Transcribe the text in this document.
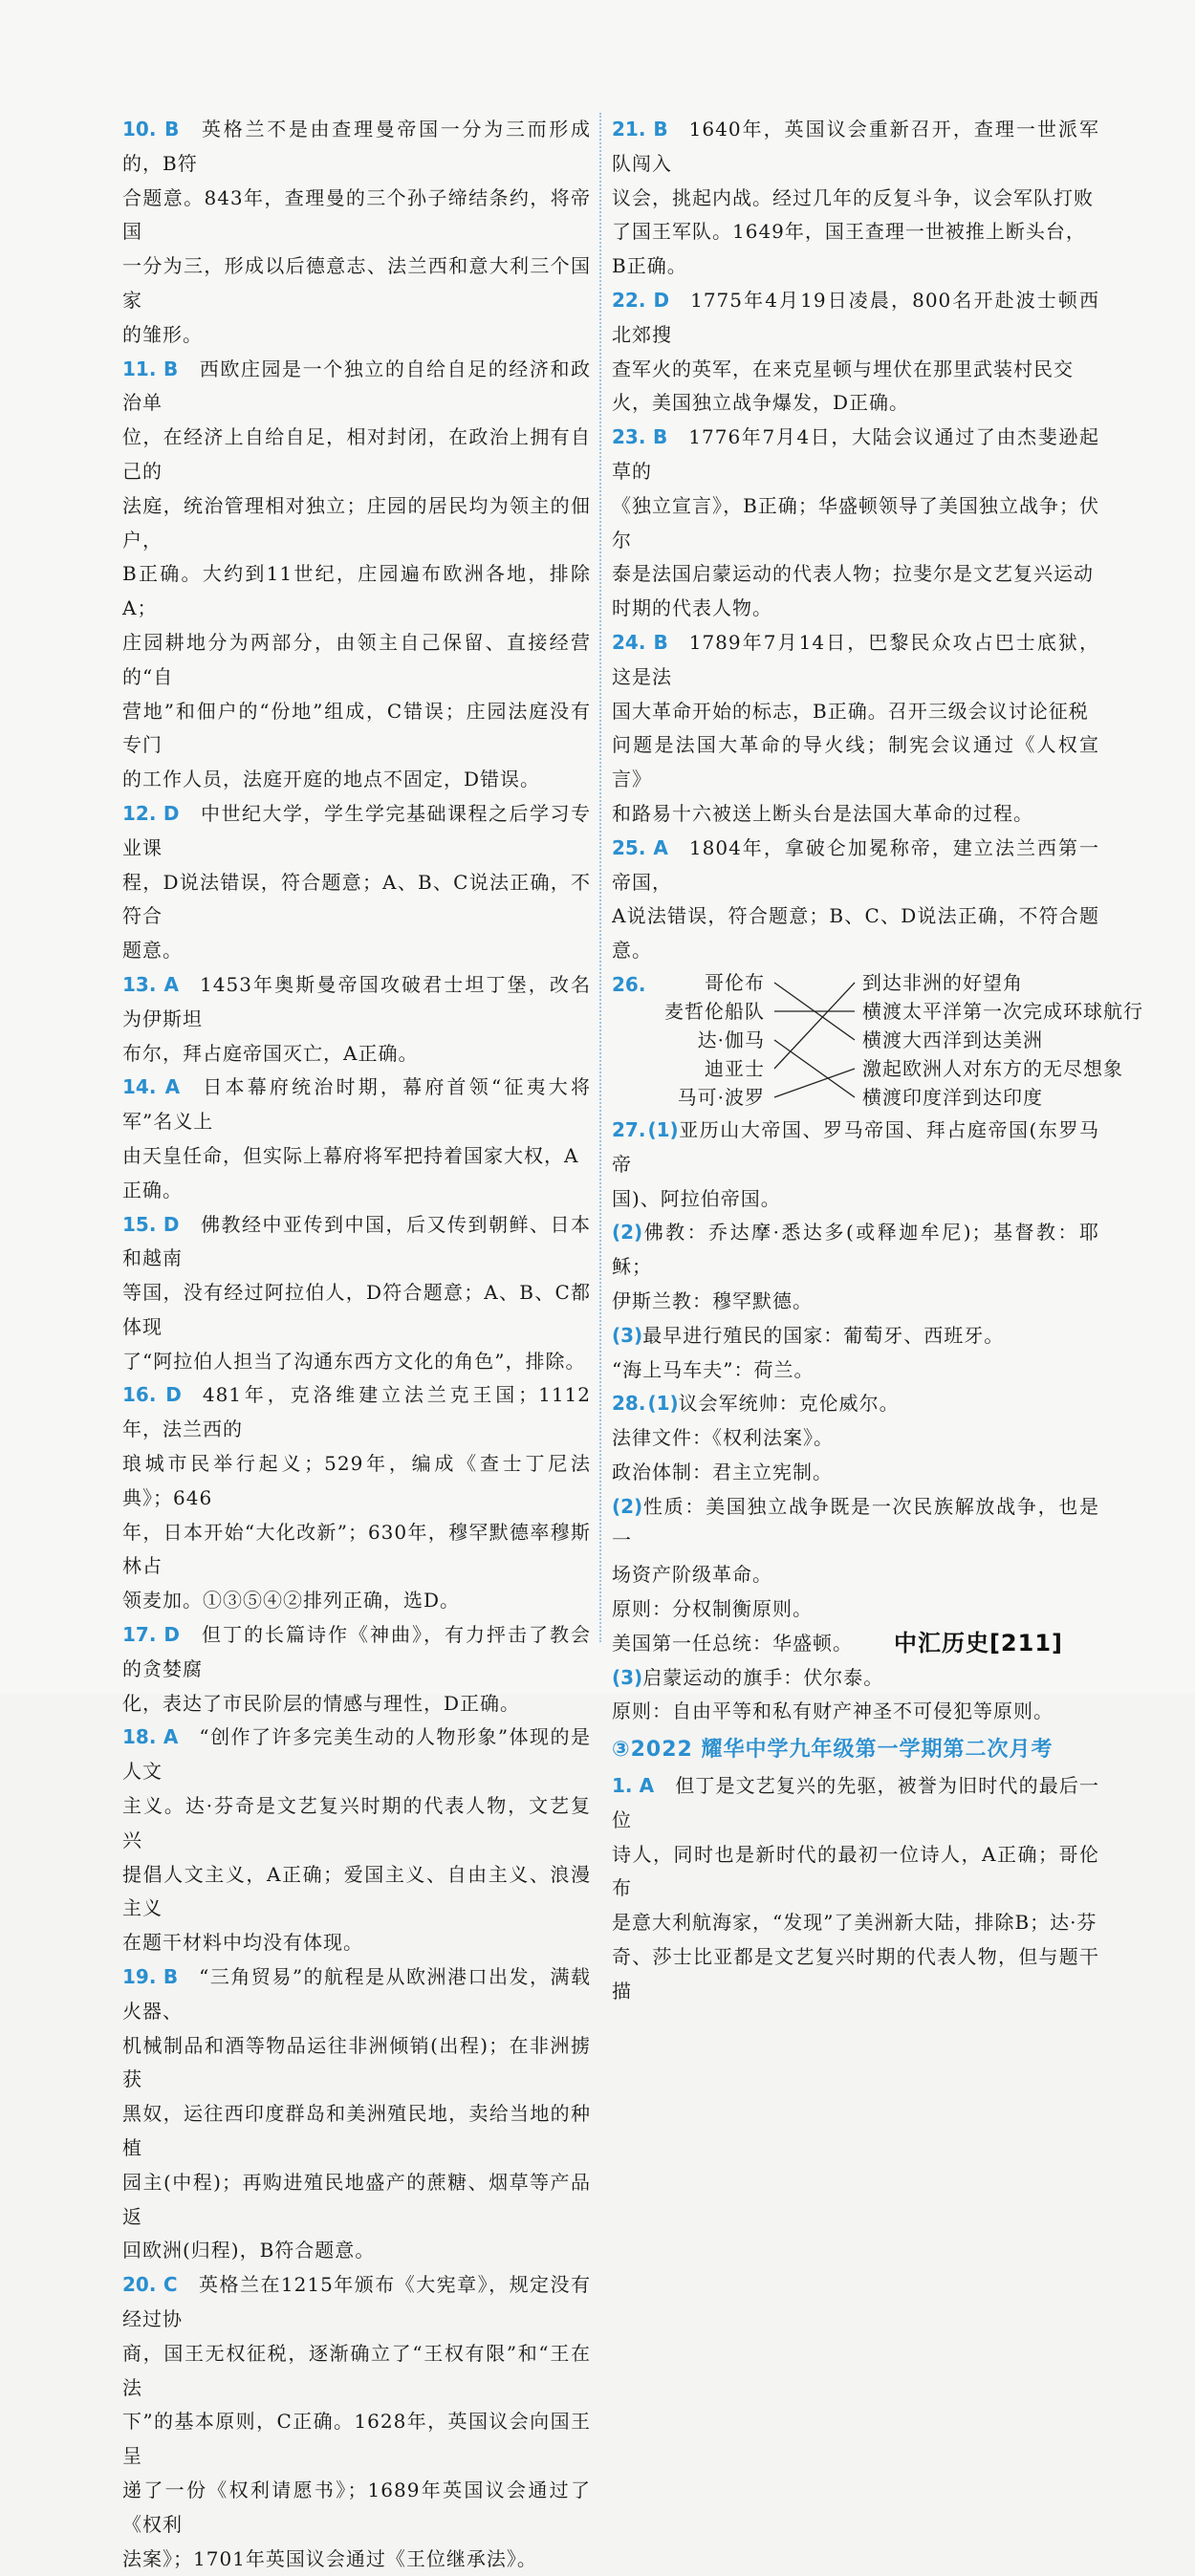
10. B 英格兰不是由查理曼帝国一分为三而形成的，B符
合题意。843年，查理曼的三个孙子缔结条约，将帝国
一分为三，形成以后德意志、法兰西和意大利三个国家
的雏形。
11. B 西欧庄园是一个独立的自给自足的经济和政治单
位，在经济上自给自足，相对封闭，在政治上拥有自己的
法庭，统治管理相对独立；庄园的居民均为领主的佃户，
B正确。大约到11世纪，庄园遍布欧洲各地，排除A；
庄园耕地分为两部分，由领主自己保留、直接经营的“自
营地”和佃户的“份地”组成，C错误；庄园法庭没有专门
的工作人员，法庭开庭的地点不固定，D错误。
12. D 中世纪大学，学生学完基础课程之后学习专业课
程，D说法错误，符合题意；A、B、C说法正确，不符合
题意。
13. A 1453年奥斯曼帝国攻破君士坦丁堡，改名为伊斯坦
布尔，拜占庭帝国灭亡，A正确。
14. A 日本幕府统治时期，幕府首领“征夷大将军”名义上
由天皇任命，但实际上幕府将军把持着国家大权，A
正确。
15. D 佛教经中亚传到中国，后又传到朝鲜、日本和越南
等国，没有经过阿拉伯人，D符合题意；A、B、C都体现
了“阿拉伯人担当了沟通东西方文化的角色”，排除。
16. D 481年，克洛维建立法兰克王国；1112年，法兰西的
琅城市民举行起义；529年，编成《查士丁尼法典》；646
年，日本开始“大化改新”；630年，穆罕默德率穆斯林占
领麦加。①③⑤④②排列正确，选D。
17. D 但丁的长篇诗作《神曲》，有力抨击了教会的贪婪腐
化，表达了市民阶层的情感与理性，D正确。
18. A “创作了许多完美生动的人物形象”体现的是人文
主义。达·芬奇是文艺复兴时期的代表人物，文艺复兴
提倡人文主义，A正确；爱国主义、自由主义、浪漫主义
在题干材料中均没有体现。
19. B “三角贸易”的航程是从欧洲港口出发，满载火器、
机械制品和酒等物品运往非洲倾销(出程)；在非洲掳获
黑奴，运往西印度群岛和美洲殖民地，卖给当地的种植
园主(中程)；再购进殖民地盛产的蔗糖、烟草等产品返
回欧洲(归程)，B符合题意。
20. C 英格兰在1215年颁布《大宪章》，规定没有经过协
商，国王无权征税，逐渐确立了“王权有限”和“王在法
下”的基本原则，C正确。1628年，英国议会向国王呈
递了一份《权利请愿书》；1689年英国议会通过了《权利
法案》；1701年英国议会通过《王位继承法》。
21. B 1640年，英国议会重新召开，查理一世派军队闯入
议会，挑起内战。经过几年的反复斗争，议会军队打败
了国王军队。1649年，国王查理一世被推上断头台，
B正确。
22. D 1775年4月19日凌晨，800名开赴波士顿西北郊搜
查军火的英军，在来克星顿与埋伏在那里武装村民交
火，美国独立战争爆发，D正确。
23. B 1776年7月4日，大陆会议通过了由杰斐逊起草的
《独立宣言》，B正确；华盛顿领导了美国独立战争；伏尔
泰是法国启蒙运动的代表人物；拉斐尔是文艺复兴运动
时期的代表人物。
24. B 1789年7月14日，巴黎民众攻占巴士底狱，这是法
国大革命开始的标志，B正确。召开三级会议讨论征税
问题是法国大革命的导火线；制宪会议通过《人权宣言》
和路易十六被送上断头台是法国大革命的过程。
25. A 1804年，拿破仑加冕称帝，建立法兰西第一帝国，
A说法错误，符合题意；B、C、D说法正确，不符合题意。
26.	哥伦布
麦哲伦船队
达·伽马
迪亚士
马可·波罗
到达非洲的好望角
横渡太平洋第一次完成环球航行
横渡大西洋到达美洲
激起欧洲人对东方的无尽想象
横渡印度洋到达印度
27. (1)亚历山大帝国、罗马帝国、拜占庭帝国(东罗马帝
国)、阿拉伯帝国。
(2)佛教：乔达摩·悉达多(或释迦牟尼)；基督教：耶稣；
伊斯兰教：穆罕默德。
(3)最早进行殖民的国家：葡萄牙、西班牙。
“海上马车夫”：荷兰。
28. (1)议会军统帅：克伦威尔。
法律文件：《权利法案》。
政治体制：君主立宪制。
(2)性质：美国独立战争既是一次民族解放战争，也是一
场资产阶级革命。
原则：分权制衡原则。
美国第一任总统：华盛顿。
(3)启蒙运动的旗手：伏尔泰。
原则：自由平等和私有财产神圣不可侵犯等原则。
③2022 耀华中学九年级第一学期第二次月考
1. A 但丁是文艺复兴的先驱，被誉为旧时代的最后一位
诗人，同时也是新时代的最初一位诗人，A正确；哥伦布
是意大利航海家，“发现”了美洲新大陆，排除B；达·芬
奇、莎士比亚都是文艺复兴时期的代表人物，但与题干描
中汇历史[211]
